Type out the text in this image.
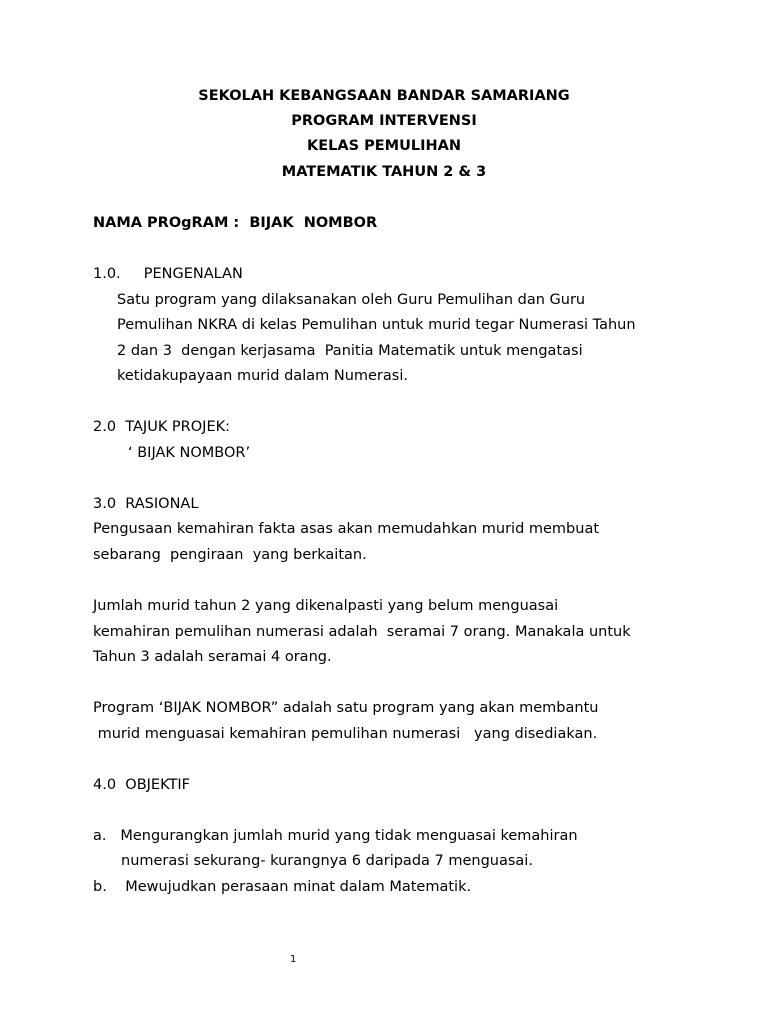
SEKOLAH KEBANGSAAN BANDAR SAMARIANG
PROGRAM INTERVENSI
KELAS PEMULIHAN
MATEMATIK TAHUN 2 & 3
NAMA PROgRAM :  BIJAK  NOMBOR
1.0.     PENGENALAN
Satu program yang dilaksanakan oleh Guru Pemulihan dan Guru
Pemulihan NKRA di kelas Pemulihan untuk murid tegar Numerasi Tahun
2 dan 3  dengan kerjasama  Panitia Matematik untuk mengatasi
ketidakupayaan murid dalam Numerasi.
2.0  TAJUK PROJEK:
‘ BIJAK NOMBOR’
3.0  RASIONAL
Pengusaan kemahiran fakta asas akan memudahkan murid membuat
sebarang  pengiraan  yang berkaitan.
Jumlah murid tahun 2 yang dikenalpasti yang belum menguasai
kemahiran pemulihan numerasi adalah  seramai 7 orang. Manakala untuk
Tahun 3 adalah seramai 4 orang.
Program ‘BIJAK NOMBOR” adalah satu program yang akan membantu
murid menguasai kemahiran pemulihan numerasi   yang disediakan.
4.0  OBJEKTIF
a.   Mengurangkan jumlah murid yang tidak menguasai kemahiran
numerasi sekurang- kurangnya 6 daripada 7 menguasai.
b.    Mewujudkan perasaan minat dalam Matematik.
1
